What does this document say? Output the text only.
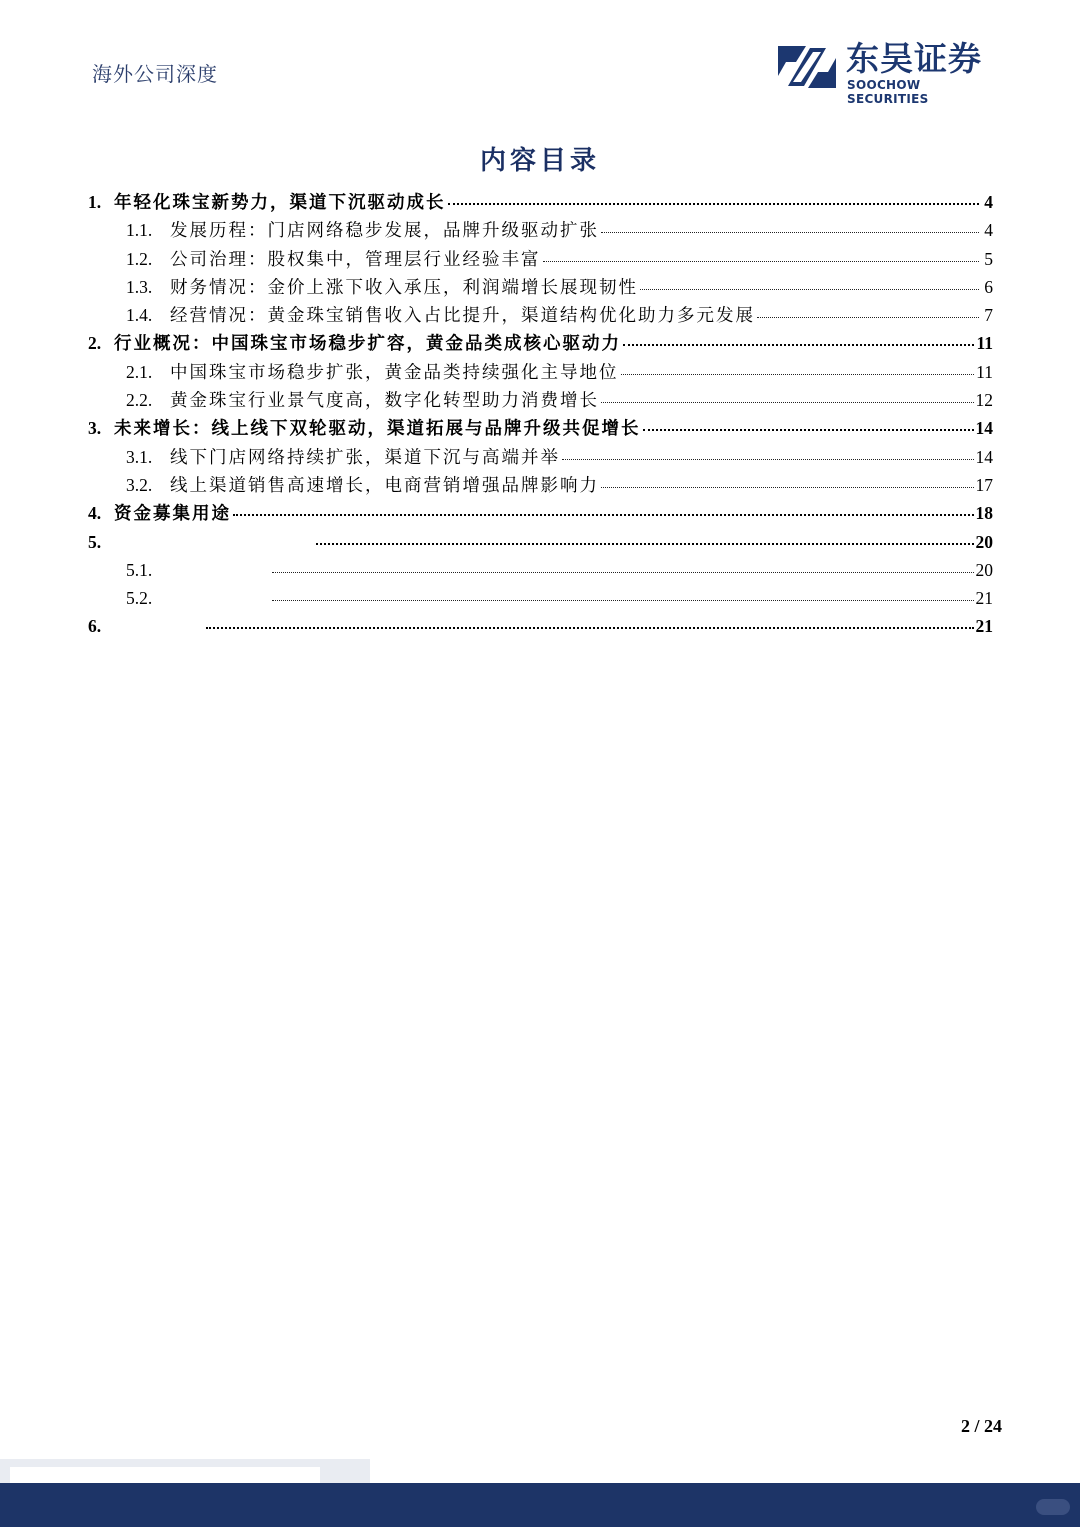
海外公司深度	东吴证券
SOOCHOW SECURITIES
内容目录
1. 年轻化珠宝新势力，渠道下沉驱动成长	4
1.1.	发展历程：门店网络稳步发展，品牌升级驱动扩张	4
1.2.	公司治理：股权集中，管理层行业经验丰富	5
1.3.	财务情况：金价上涨下收入承压，利润端增长展现韧性	6
1.4.	经营情况：黄金珠宝销售收入占比提升，渠道结构优化助力多元发展	7
2. 行业概况：中国珠宝市场稳步扩容，黄金品类成核心驱动力	11
2.1.	中国珠宝市场稳步扩张，黄金品类持续强化主导地位	11
2.2.	黄金珠宝行业景气度高，数字化转型助力消费增长	12
3. 未来增长：线上线下双轮驱动，渠道拓展与品牌升级共促增长	14
3.1.	线下门店网络持续扩张，渠道下沉与高端并举	14
3.2.	线上渠道销售高速增长，电商营销增强品牌影响力	17
4. 资金募集用途	18
5.	20
5.1.	20
5.2.	21
6.	21
2 / 24
